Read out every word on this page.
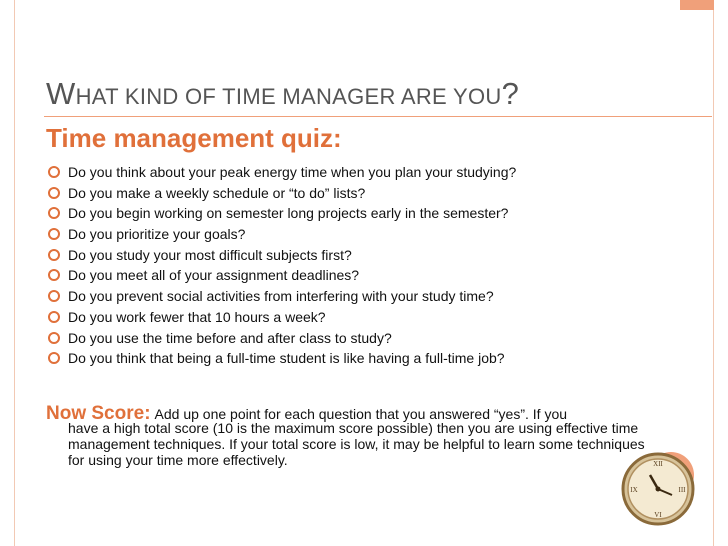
WHAT KIND OF TIME MANAGER ARE YOU?
Time management quiz:
Do you think about your peak energy time when you plan your studying?
Do you make a weekly schedule or “to do” lists?
Do you begin working on semester long projects early in the semester?
Do you prioritize your goals?
Do you study your most difficult subjects first?
Do you meet all of your assignment deadlines?
Do you prevent social activities from interfering with your study time?
Do you work fewer that 10 hours a week?
Do you use the time before and after class to study?
Do you think that being a full-time student is like having a full-time job?
Now Score: Add up one point for each question that you answered “yes”. If you
have a high total score (10 is the maximum score possible) then you are using effective time management techniques. If your total score is low, it may be helpful to learn some techniques for using your time more effectively.	XII
III
VI
IX
